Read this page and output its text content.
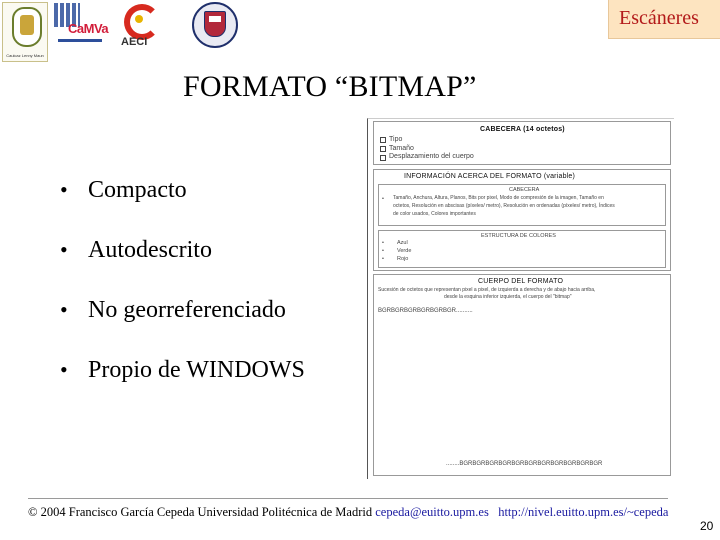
Caulcaz Lenny Maun
CaMVa
AECI
Escáneres
FORMATO “BITMAP”
• Compacto
• Autodescrito
• No georreferenciado
• Propio de WINDOWS
CABECERA (14 octetos)
Tipo
Tamaño
Desplazamiento del cuerpo
INFORMACIÓN ACERCA DEL FORMATO (variable)
CABECERA
• Tamaño, Anchura, Altura, Planos, Bits por pixel, Modo de compresión de la imagen, Tamaño en
octetos, Resolución en abscisas (píxeles/ metro), Resolución en ordenadas (píxeles/ metro), Índices
de color usados, Colores importantes
ESTRUCTURA DE COLORES
• Azul
• Verde
• Rojo
CUERPO DEL FORMATO
Sucesión de octetos que representan pixel a pixel, de izquierda a derecha y de abajo hacia arriba,
desde la esquina inferior izquierda, el cuerpo del "bitmap"
BGRBGRBGRBGRBGRBGR..........
........BGRBGRBGRBGRBGRBGRBGRBGRBGRBGRBGR
© 2004 Francisco García Cepeda Universidad Politécnica de Madrid cepeda@euitto.upm.es http://nivel.euitto.upm.es/~cepeda
20
